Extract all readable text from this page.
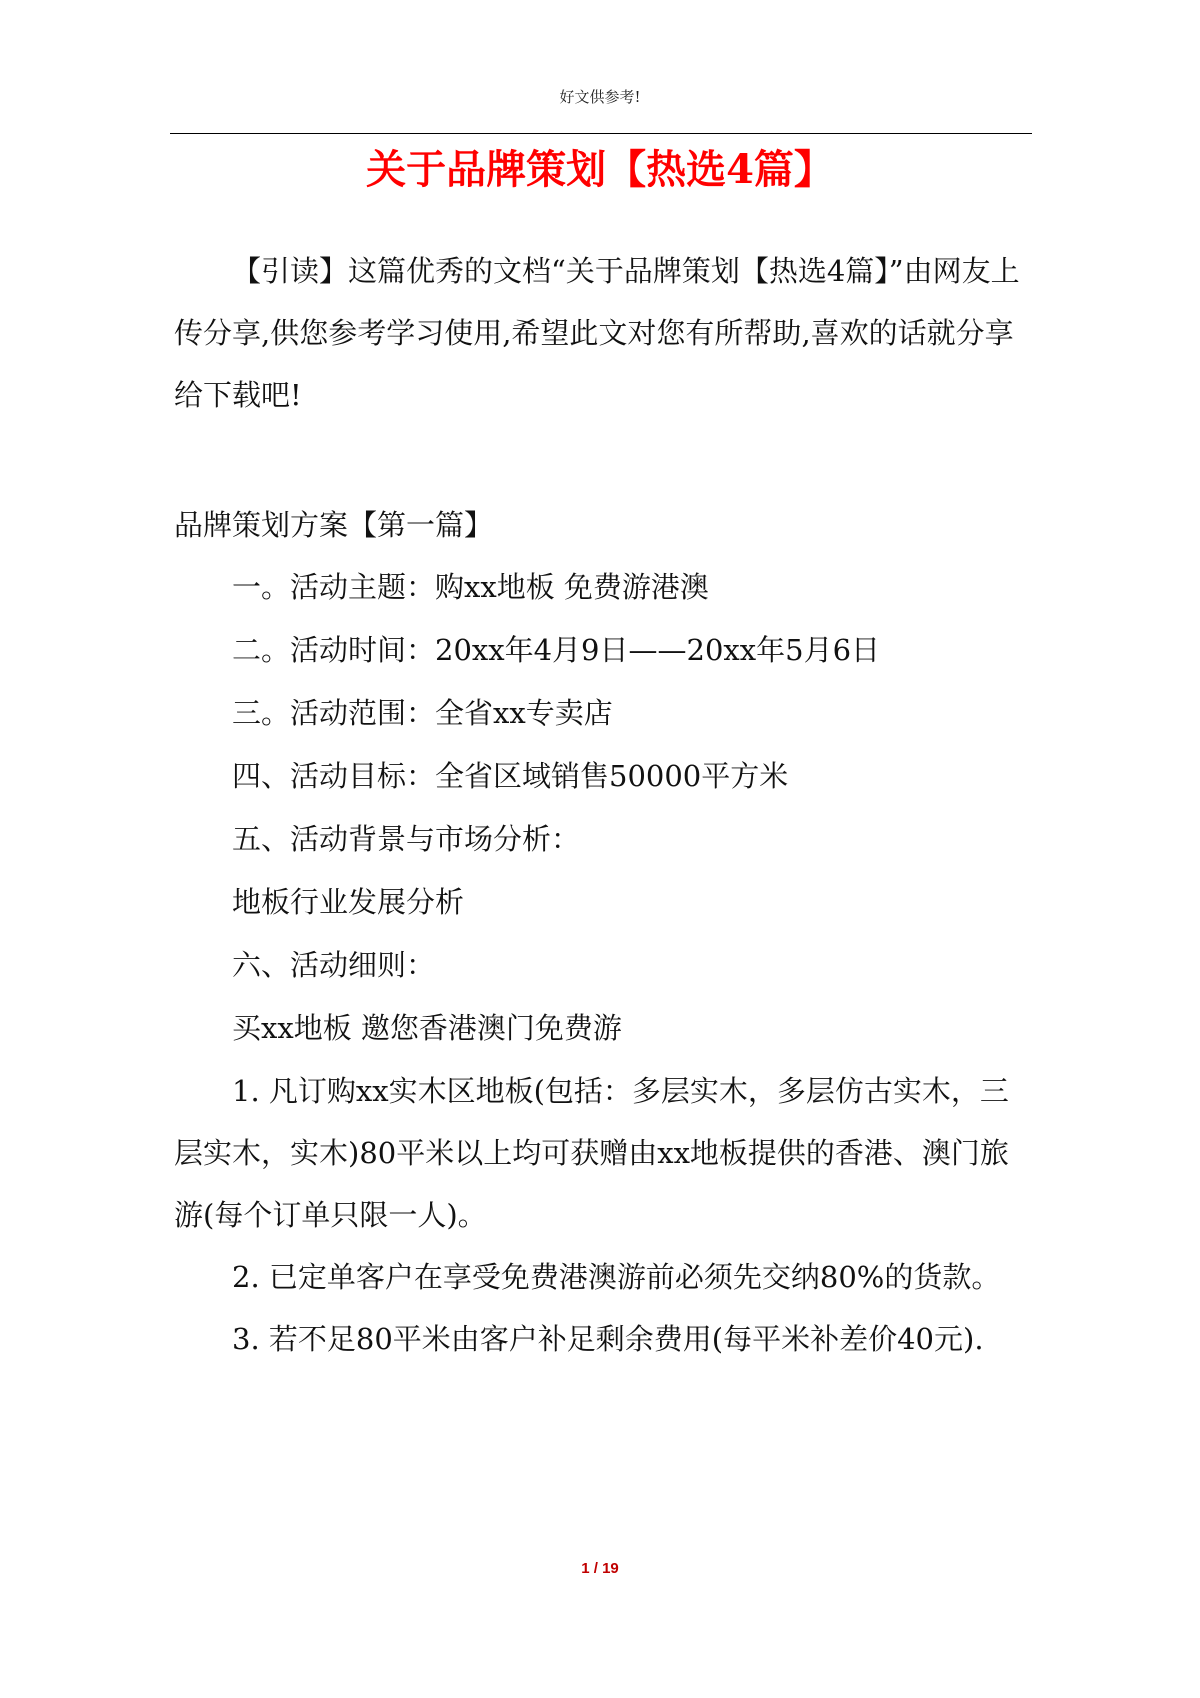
好文供参考!
关于品牌策划【热选4篇】

【引读】这篇优秀的文档“关于品牌策划【热选4篇】”由网友上传分享,供您参考学习使用,希望此文对您有所帮助,喜欢的话就分享给下载吧!

品牌策划方案【第一篇】

一。活动主题：购xx地板 免费游港澳

二。活动时间：20xx年4月9日——20xx年5月6日

三。活动范围：全省xx专卖店

四、活动目标：全省区域销售50000平方米

五、活动背景与市场分析：

地板行业发展分析

六、活动细则：

买xx地板 邀您香港澳门免费游

1. 凡订购xx实木区地板(包括：多层实木，多层仿古实木，三层实木，实木)80平米以上均可获赠由xx地板提供的香港、澳门旅游(每个订单只限一人)。

2. 已定单客户在享受免费港澳游前必须先交纳80%的货款。

3. 若不足80平米由客户补足剩余费用(每平米补差价40元).

1 / 19
